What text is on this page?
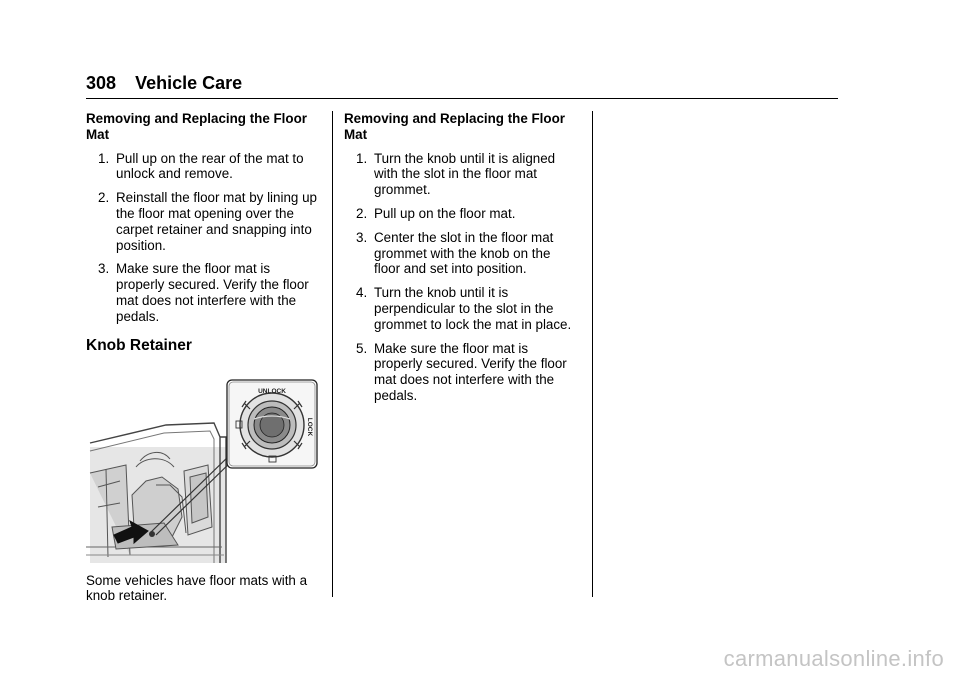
308 Vehicle Care
Removing and Replacing the Floor Mat
1. Pull up on the rear of the mat to unlock and remove.
2. Reinstall the floor mat by lining up the floor mat opening over the carpet retainer and snapping into position.
3. Make sure the floor mat is properly secured. Verify the floor mat does not interfere with the pedals.
Knob Retainer
UNLOCK
LOCK
Some vehicles have floor mats with a knob retainer.
Removing and Replacing the Floor Mat
1. Turn the knob until it is aligned with the slot in the floor mat grommet.
2. Pull up on the floor mat.
3. Center the slot in the floor mat grommet with the knob on the floor and set into position.
4. Turn the knob until it is perpendicular to the slot in the grommet to lock the mat in place.
5. Make sure the floor mat is properly secured. Verify the floor mat does not interfere with the pedals.
carmanualsonline.info
